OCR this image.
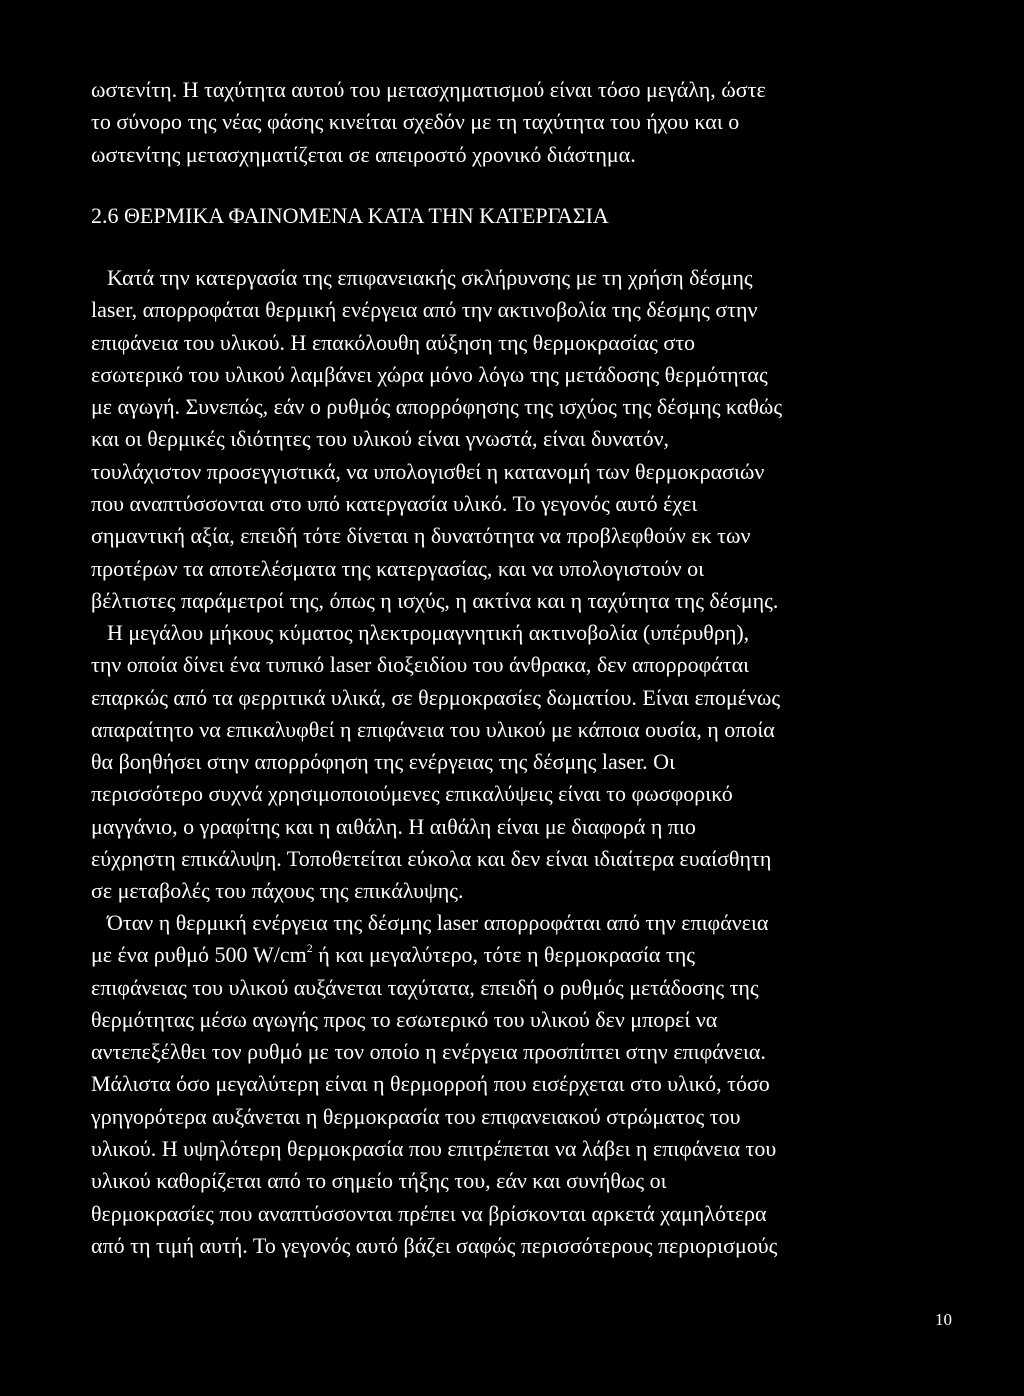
ωστενίτη. Η ταχύτητα αυτού του μετασχηματισμού είναι τόσο μεγάλη, ώστε
το σύνορο της νέας φάσης κινείται σχεδόν με τη ταχύτητα του ήχου και ο
ωστενίτης μετασχηματίζεται σε απειροστό χρονικό διάστημα.
2.6 ΘΕΡΜΙΚΑ ΦΑΙΝΟΜΕΝΑ ΚΑΤΑ ΤΗΝ ΚΑΤΕΡΓΑΣΙΑ
Κατά την κατεργασία της επιφανειακής σκλήρυνσης με τη χρήση δέσμης
laser, απορροφάται θερμική ενέργεια από την ακτινοβολία της δέσμης στην
επιφάνεια του υλικού. Η επακόλουθη αύξηση της θερμοκρασίας στο
εσωτερικό του υλικού λαμβάνει χώρα μόνο λόγω της μετάδοσης θερμότητας
με αγωγή. Συνεπώς, εάν ο ρυθμός απορρόφησης της ισχύος της δέσμης καθώς
και οι θερμικές ιδιότητες του υλικού είναι γνωστά, είναι δυνατόν,
τουλάχιστον προσεγγιστικά, να υπολογισθεί η κατανομή των θερμοκρασιών
που αναπτύσσονται στο υπό κατεργασία υλικό. Το γεγονός αυτό έχει
σημαντική αξία, επειδή τότε δίνεται η δυνατότητα να προβλεφθούν εκ των
προτέρων τα αποτελέσματα της κατεργασίας, και να υπολογιστούν οι
βέλτιστες παράμετροί της, όπως η ισχύς, η ακτίνα και η ταχύτητα της δέσμης.
Η μεγάλου μήκους κύματος ηλεκτρομαγνητική ακτινοβολία (υπέρυθρη),
την οποία δίνει ένα τυπικό laser διοξειδίου του άνθρακα, δεν απορροφάται
επαρκώς από τα φερριτικά υλικά, σε θερμοκρασίες δωματίου. Είναι επομένως
απαραίτητο να επικαλυφθεί η επιφάνεια του υλικού με κάποια ουσία, η οποία
θα βοηθήσει στην απορρόφηση της ενέργειας της δέσμης laser. Οι
περισσότερο συχνά χρησιμοποιούμενες επικαλύψεις είναι το φωσφορικό
μαγγάνιο, ο γραφίτης και η αιθάλη. Η αιθάλη είναι με διαφορά η πιο
εύχρηστη επικάλυψη. Τοποθετείται εύκολα και δεν είναι ιδιαίτερα ευαίσθητη
σε μεταβολές του πάχους της επικάλυψης.
Όταν η θερμική ενέργεια της δέσμης laser απορροφάται από την επιφάνεια
με ένα ρυθμό 500 $W/cm^2$ ή και μεγαλύτερο, τότε η θερμοκρασία της
επιφάνειας του υλικού αυξάνεται ταχύτατα, επειδή ο ρυθμός μετάδοσης της
θερμότητας μέσω αγωγής προς το εσωτερικό του υλικού δεν μπορεί να
αντεπεξέλθει τον ρυθμό με τον οποίο η ενέργεια προσπίπτει στην επιφάνεια.
Μάλιστα όσο μεγαλύτερη είναι η θερμορροή που εισέρχεται στο υλικό, τόσο
γρηγορότερα αυξάνεται η θερμοκρασία του επιφανειακού στρώματος του
υλικού. Η υψηλότερη θερμοκρασία που επιτρέπεται να λάβει η επιφάνεια του
υλικού καθορίζεται από το σημείο τήξης του, εάν και συνήθως οι
θερμοκρασίες που αναπτύσσονται πρέπει να βρίσκονται αρκετά χαμηλότερα
από τη τιμή αυτή. Το γεγονός αυτό βάζει σαφώς περισσότερους περιορισμούς
10
